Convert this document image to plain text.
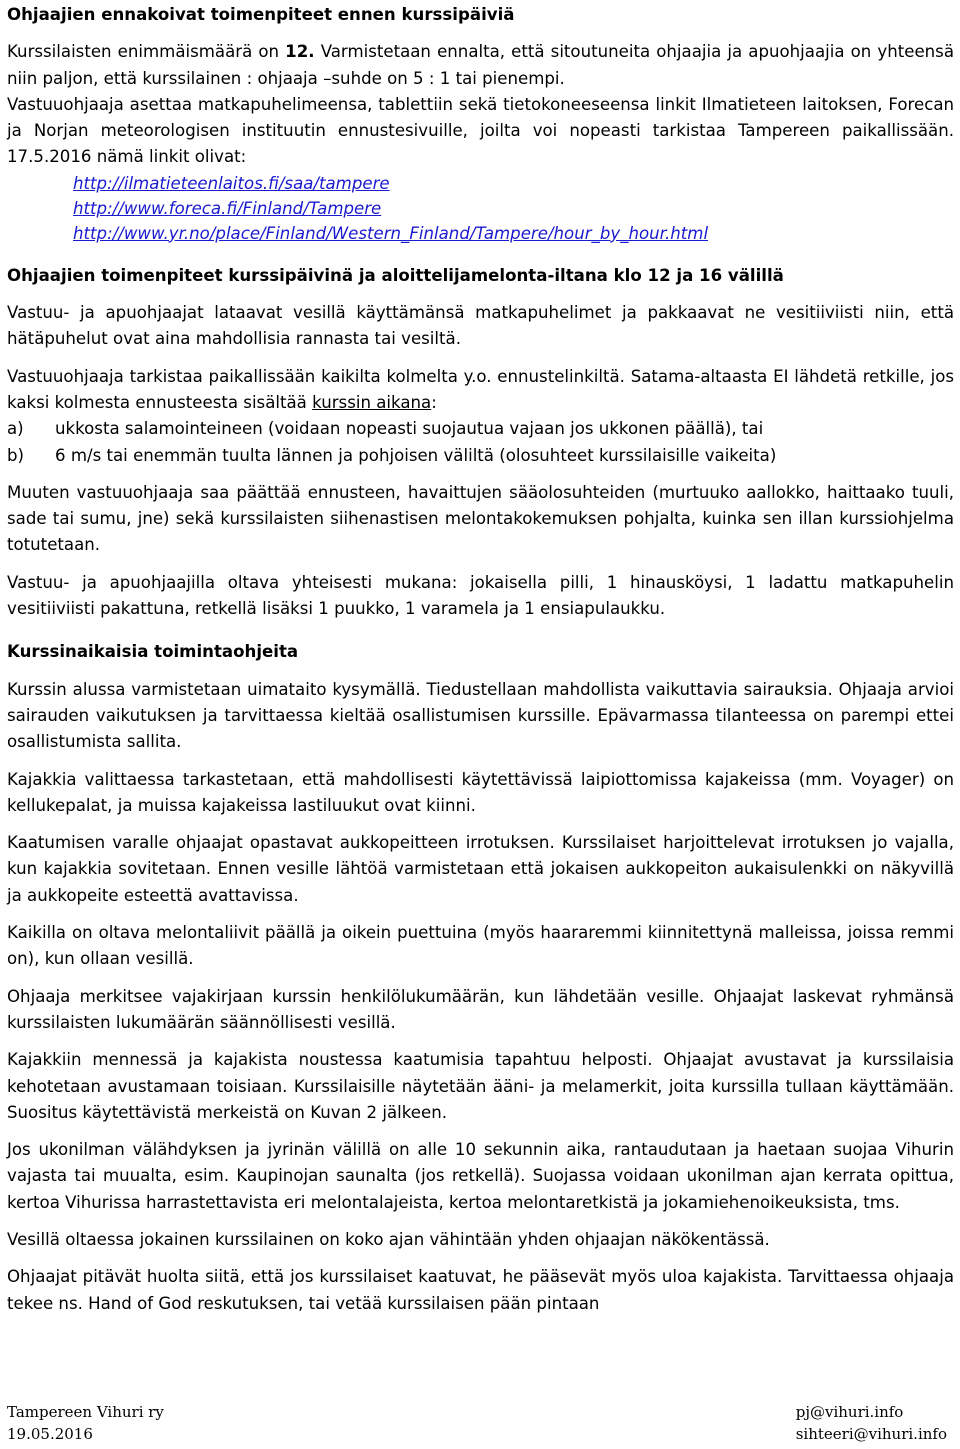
Ohjaajien ennakoivat toimenpiteet ennen kurssipäiviä

Kurssilaisten enimmäismäärä on 12. Varmistetaan ennalta, että sitoutuneita ohjaajia ja apuohjaajia on yhteensä niin paljon, että kurssilainen : ohjaaja –suhde on 5 : 1 tai pienempi.

Vastuuohjaaja asettaa matkapuhelimeensa, tablettiin sekä tietokoneeseensa linkit Ilmatieteen laitoksen, Forecan ja Norjan meteorologisen instituutin ennustesivuille, joilta voi nopeasti tarkistaa Tampereen paikallissään. 17.5.2016 nämä linkit olivat:

http://ilmatieteenlaitos.fi/saa/tampere
http://www.foreca.fi/Finland/Tampere
http://www.yr.no/place/Finland/Western_Finland/Tampere/hour_by_hour.html
Ohjaajien toimenpiteet kurssipäivinä ja aloittelijamelonta-iltana klo 12 ja 16 välillä

Vastuu- ja apuohjaajat lataavat vesillä käyttämänsä matkapuhelimet ja pakkaavat ne vesitiiviisti niin, että hätäpuhelut ovat aina mahdollisia rannasta tai vesiltä.

Vastuuohjaaja tarkistaa paikallissään kaikilta kolmelta y.o. ennustelinkiltä. Satama-altaasta EI lähdetä retkille, jos kaksi kolmesta ennusteesta sisältää kurssin aikana:

a)	ukkosta salamointeineen (voidaan nopeasti suojautua vajaan jos ukkonen päällä), tai
b)	6 m/s tai enemmän tuulta lännen ja pohjoisen väliltä (olosuhteet kurssilaisille vaikeita)

Muuten vastuuohjaaja saa päättää ennusteen, havaittujen sääolosuhteiden (murtuuko aallokko, haittaako tuuli, sade tai sumu, jne) sekä kurssilaisten siihenastisen melontakokemuksen pohjalta, kuinka sen illan kurssiohjelma totutetaan.

Vastuu- ja apuohjaajilla oltava yhteisesti mukana: jokaisella pilli, 1 hinausköysi, 1 ladattu matkapuhelin vesitiiviisti pakattuna, retkellä lisäksi 1 puukko, 1 varamela ja 1 ensiapulaukku.

Kurssinaikaisia toimintaohjeita

Kurssin alussa varmistetaan uimataito kysymällä. Tiedustellaan mahdollista vaikuttavia sairauksia. Ohjaaja arvioi sairauden vaikutuksen ja tarvittaessa kieltää osallistumisen kurssille. Epävarmassa tilanteessa on parempi ettei osallistumista sallita.

Kajakkia valittaessa tarkastetaan, että mahdollisesti käytettävissä laipiottomissa kajakeissa (mm. Voyager) on kellukepalat, ja muissa kajakeissa lastiluukut ovat kiinni.

Kaatumisen varalle ohjaajat opastavat aukkopeitteen irrotuksen. Kurssilaiset harjoittelevat irrotuksen jo vajalla, kun kajakkia sovitetaan. Ennen vesille lähtöä varmistetaan että jokaisen aukkopeiton aukaisulenkki on näkyvillä ja aukkopeite esteettä avattavissa.

Kaikilla on oltava melontaliivit päällä ja oikein puettuina (myös haararemmi kiinnitettynä malleissa, joissa remmi on), kun ollaan vesillä.

Ohjaaja merkitsee vajakirjaan kurssin henkilölukumäärän, kun lähdetään vesille. Ohjaajat laskevat ryhmänsä kurssilaisten lukumäärän säännöllisesti vesillä.

Kajakkiin mennessä ja kajakista noustessa kaatumisia tapahtuu helposti. Ohjaajat avustavat ja kurssilaisia kehotetaan avustamaan toisiaan. Kurssilaisille näytetään ääni- ja melamerkit, joita kurssilla tullaan käyttämään. Suositus käytettävistä merkeistä on Kuvan 2 jälkeen.

Jos ukonilman välähdyksen ja jyrinän välillä on alle 10 sekunnin aika, rantaudutaan ja haetaan suojaa Vihurin vajasta tai muualta, esim. Kaupinojan saunalta (jos retkellä). Suojassa voidaan ukonilman ajan kerrata opittua, kertoa Vihurissa harrastettavista eri melontalajeista, kertoa melontaretkistä ja jokamiehenoikeuksista, tms.

Vesillä oltaessa jokainen kurssilainen on koko ajan vähintään yhden ohjaajan näkökentässä.

Ohjaajat pitävät huolta siitä, että jos kurssilaiset kaatuvat, he pääsevät myös uloa kajakista. Tarvittaessa ohjaaja tekee ns. Hand of God reskutuksen, tai vetää kurssilaisen pään pintaan

Tampereen Vihuri ry
19.05.2016
pj@vihuri.info
sihteeri@vihuri.info
